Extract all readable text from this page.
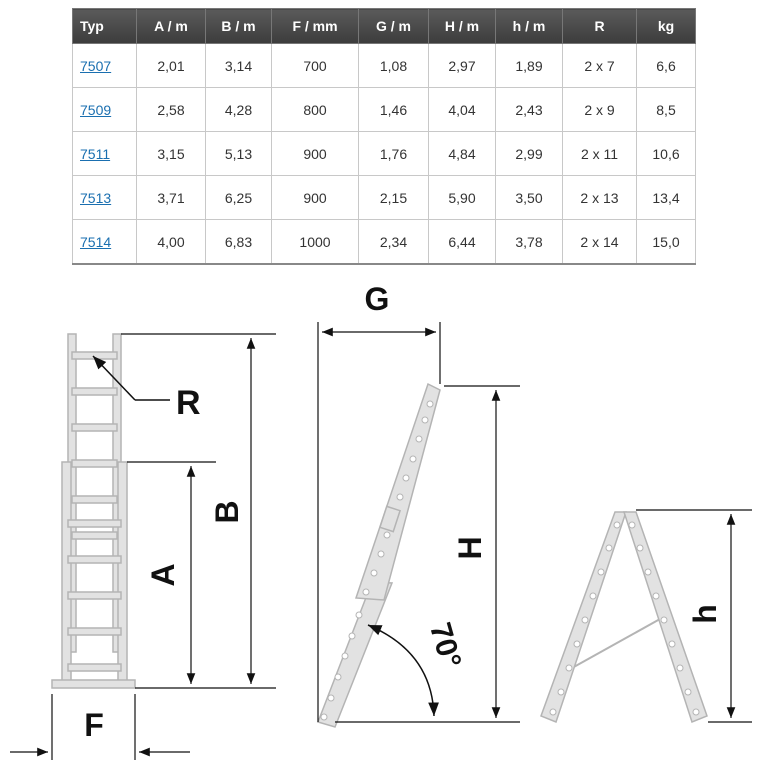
Typ	A / m	B / m	F / mm	G / m	H / m	h / m	R	kg
7507	2,01	3,14	700	1,08	2,97	1,89	2 x 7	6,6
7509	2,58	4,28	800	1,46	4,04	2,43	2 x 9	8,5
7511	3,15	5,13	900	1,76	4,84	2,99	2 x 11	10,6
7513	3,71	6,25	900	2,15	5,90	3,50	2 x 13	13,4
7514	4,00	6,83	1000	2,34	6,44	3,78	2 x 14	15,0
R
B
A
F
G
H
70°
h
